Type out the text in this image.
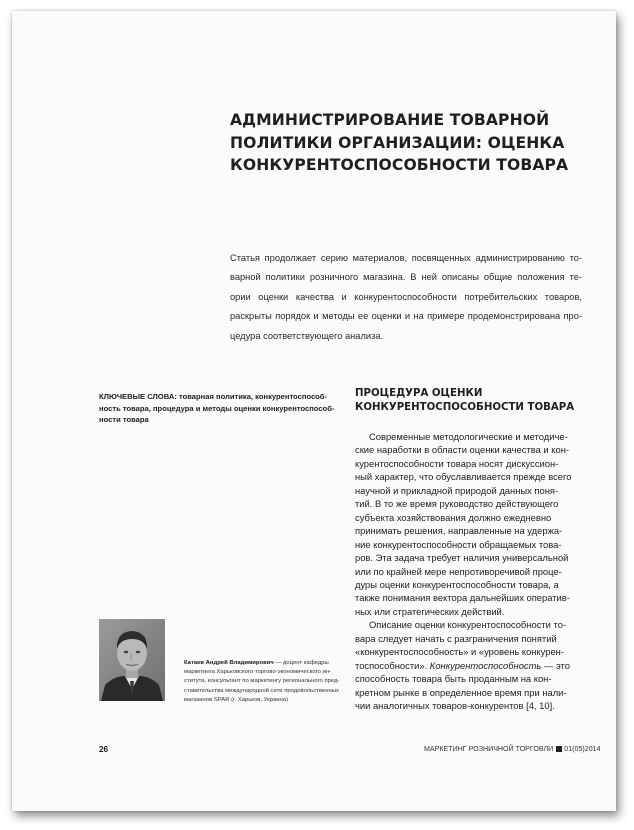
АДМИНИСТРИРОВАНИЕ ТОВАРНОЙ
ПОЛИТИКИ ОРГАНИЗАЦИИ: ОЦЕНКА
КОНКУРЕНТОСПОСОБНОСТИ ТОВАРА
Статья продолжает серию материалов, посвященных администрированию то-
варной политики розничного магазина. В ней описаны общие положения те-
ории оценки качества и конкурентоспособности потребительских товаров,
раскрыты порядок и методы ее оценки и на примере продемонстрирована про-
цедура соответствующего анализа.
КЛЮЧЕВЫЕ СЛОВА: товарная политика, конкурентоспособ-
ность товара, процедура и методы оценки конкурентоспособ-
ности товара
ПРОЦЕДУРА ОЦЕНКИ
КОНКУРЕНТОСПОСОБНОСТИ ТОВАРА
Современные методологические и методиче-
ские наработки в области оценки качества и кон-
курентоспособности товара носят дискуссион-
ный характер, что обуславливается прежде всего
научной и прикладной природой данных поня-
тий. В то же время руководство действующего
субъекта хозяйствования должно ежедневно
принимать решения, направленные на удержа-
ние конкурентоспособности обращаемых това-
ров. Эта задача требует наличия универсальной
или по крайней мере непротиворечивой проце-
дуры оценки конкурентоспособности товара, а
также понимания вектора дальнейших оператив-
ных или стратегических действий.
Описание оценки конкурентоспособности то-
вара следует начать с разграничения понятий
«конкурентоспособность» и «уровень конкурен-
тоспособности». Конкурентоспособность — это
способность товара быть проданным на кон-
кретном рынке в определенное время при нали-
чии аналогичных товаров-конкурентов [4, 10].
Катаев Андрей Владимирович — доцент кафедры
маркетинга Харьковского торгово-экономического ин-
ститута, консультант по маркетингу регионального пред-
ставительства международной сети продовольственных
магазинов SPAR (г. Харьков, Украина)
26	МАРКЕТИНГ РОЗНИЧНОЙ ТОРГОВЛИ 01(05)2014
